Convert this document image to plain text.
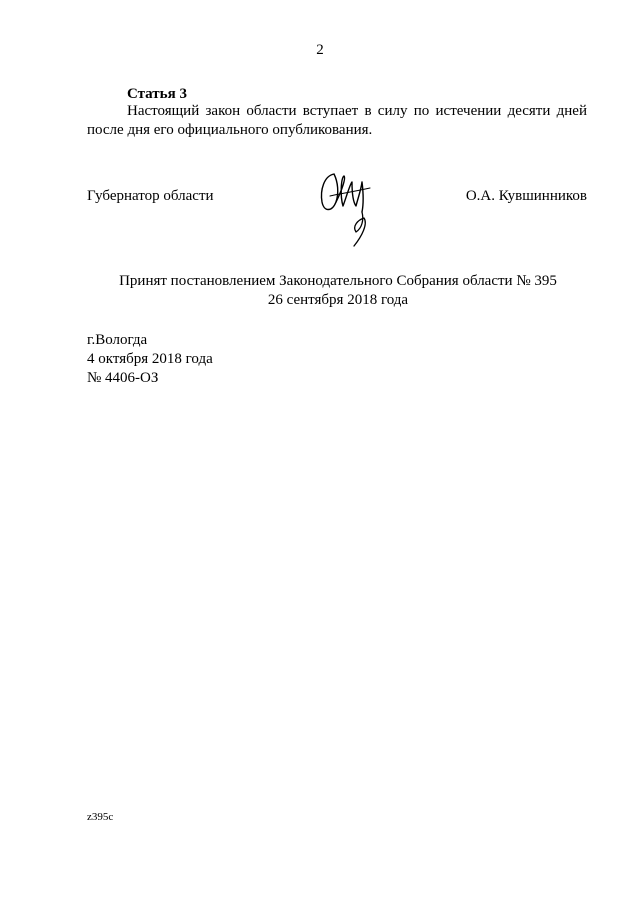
2
Статья 3

Настоящий закон области вступает в силу по истечении десяти дней после дня его официального опубликования.

Губернатор области	О.А. Кувшинников
Принят постановлением Законодательного Собрания области № 395
26 сентября 2018 года
г.Вологда
4 октября 2018 года
№ 4406-ОЗ
z395c
